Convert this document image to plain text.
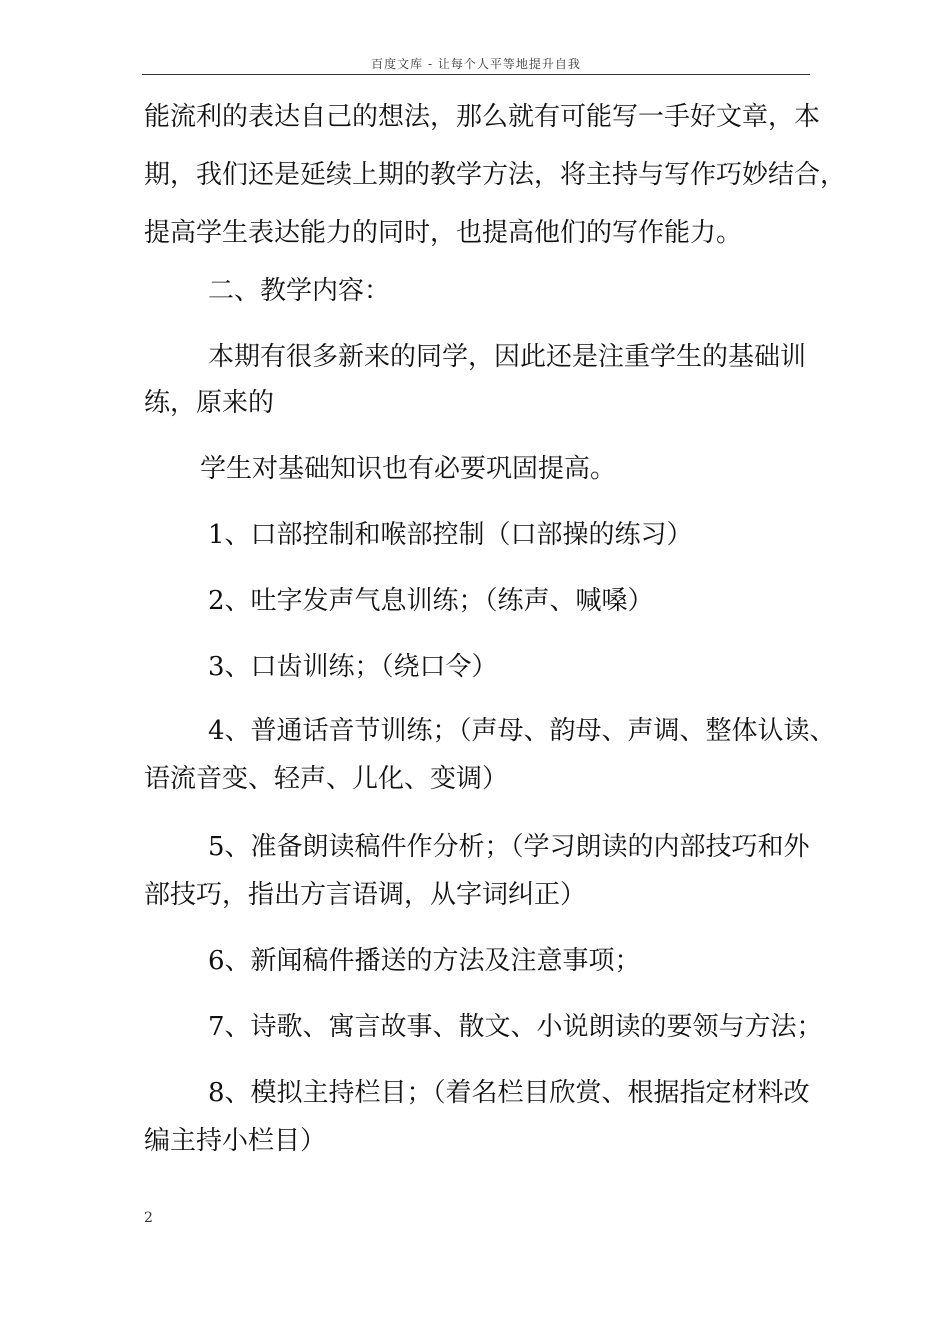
百度文库 - 让每个人平等地提升自我
能流利的表达自己的想法，那么就有可能写一手好文章，本
期，我们还是延续上期的教学方法，将主持与写作巧妙结合，
提高学生表达能力的同时，也提高他们的写作能力。
二、教学内容：
本期有很多新来的同学，因此还是注重学生的基础训
练，原来的
学生对基础知识也有必要巩固提高。
1、口部控制和喉部控制（口部操的练习）
2、吐字发声气息训练；（练声、喊嗓）
3、口齿训练；（绕口令）
4、普通话音节训练；（声母、韵母、声调、整体认读、
语流音变、轻声、儿化、变调）
5、准备朗读稿件作分析；（学习朗读的内部技巧和外
部技巧，指出方言语调，从字词纠正）
6、新闻稿件播送的方法及注意事项；
7、诗歌、寓言故事、散文、小说朗读的要领与方法；
8、模拟主持栏目；（着名栏目欣赏、根据指定材料改
编主持小栏目）
2
